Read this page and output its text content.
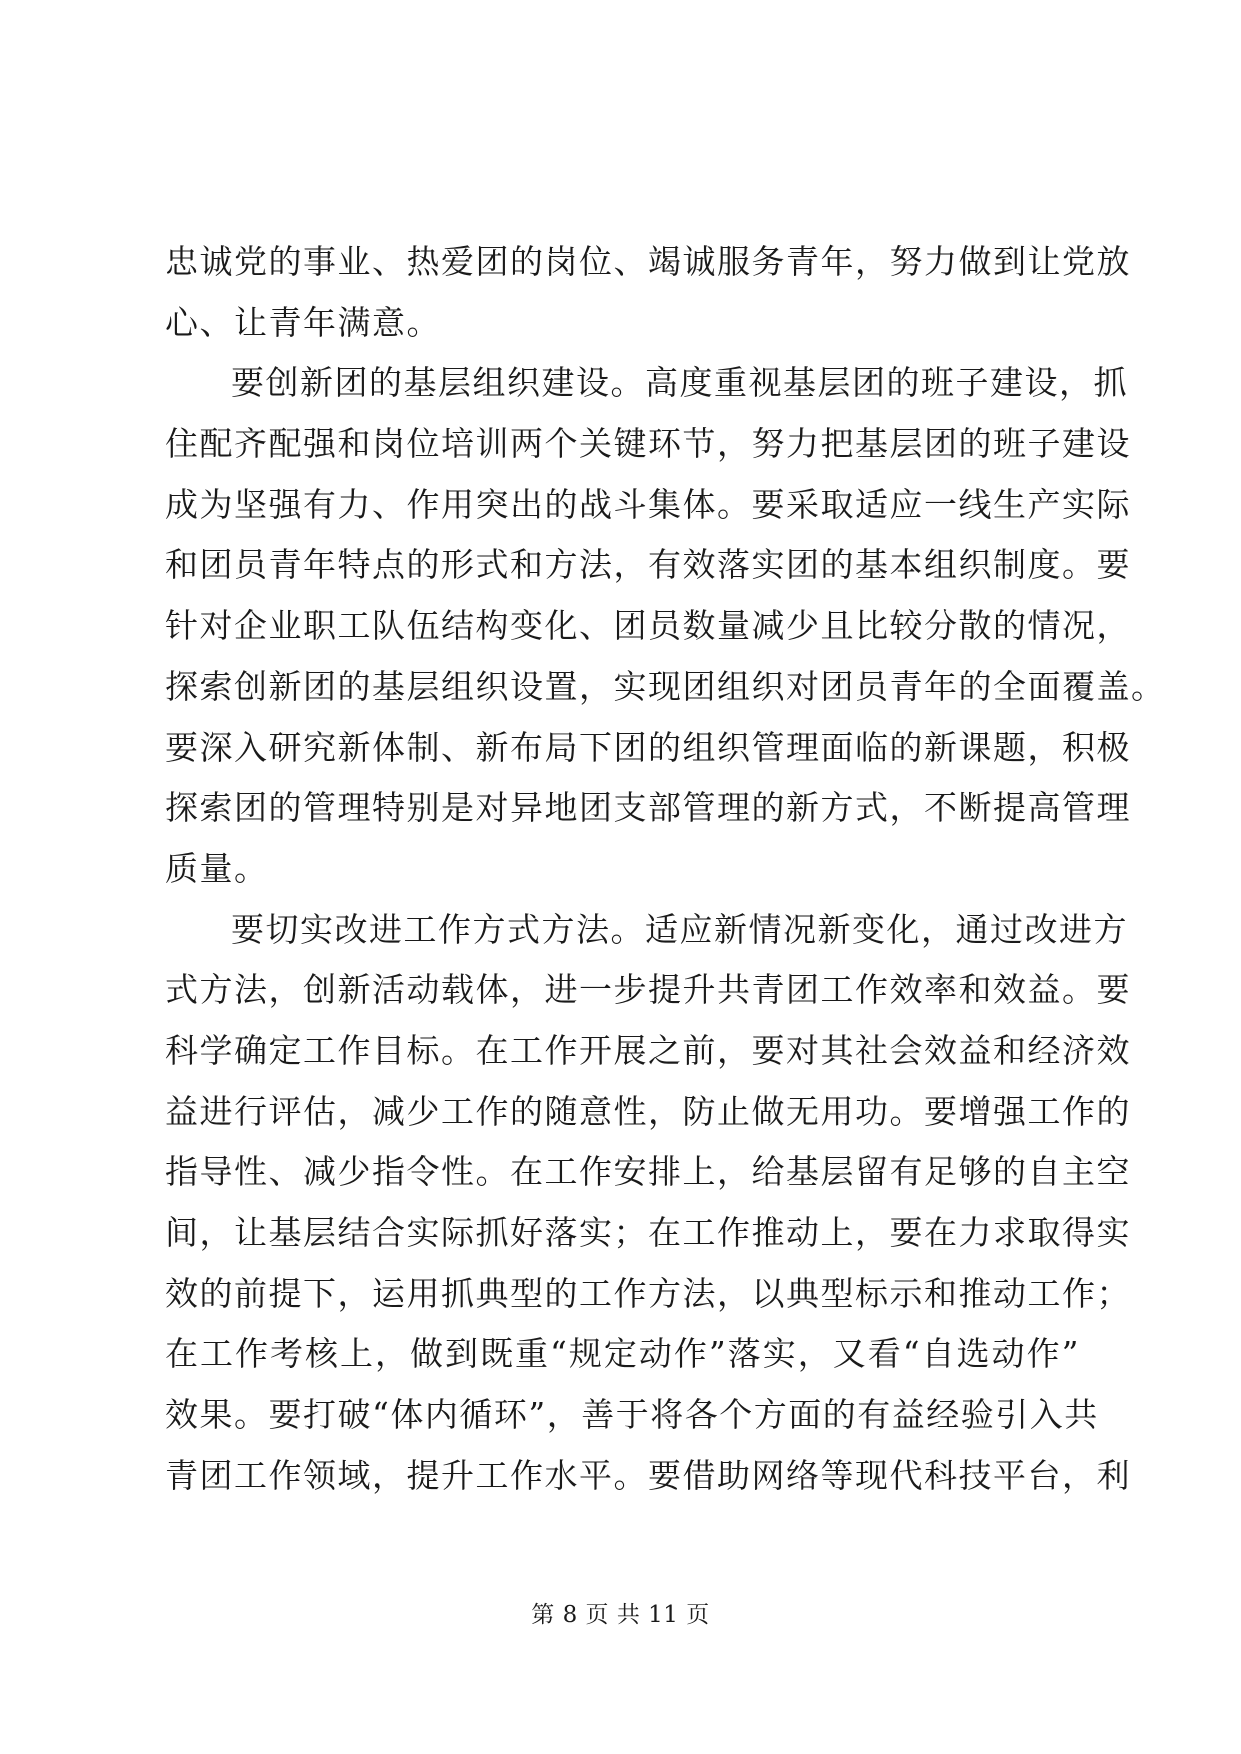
忠诚党的事业、热爱团的岗位、竭诚服务青年，努力做到让党放
心、让青年满意。
要创新团的基层组织建设。高度重视基层团的班子建设，抓
住配齐配强和岗位培训两个关键环节，努力把基层团的班子建设
成为坚强有力、作用突出的战斗集体。要采取适应一线生产实际
和团员青年特点的形式和方法，有效落实团的基本组织制度。要
针对企业职工队伍结构变化、团员数量减少且比较分散的情况，
探索创新团的基层组织设置，实现团组织对团员青年的全面覆盖。
要深入研究新体制、新布局下团的组织管理面临的新课题，积极
探索团的管理特别是对异地团支部管理的新方式，不断提高管理
质量。
要切实改进工作方式方法。适应新情况新变化，通过改进方
式方法，创新活动载体，进一步提升共青团工作效率和效益。要
科学确定工作目标。在工作开展之前，要对其社会效益和经济效
益进行评估，减少工作的随意性，防止做无用功。要增强工作的
指导性、减少指令性。在工作安排上，给基层留有足够的自主空
间，让基层结合实际抓好落实；在工作推动上，要在力求取得实
效的前提下，运用抓典型的工作方法，以典型标示和推动工作；
在工作考核上，做到既重“规定动作”落实，又看“自选动作”
效果。要打破“体内循环”，善于将各个方面的有益经验引入共
青团工作领域，提升工作水平。要借助网络等现代科技平台，利
第 8 页 共 11 页
